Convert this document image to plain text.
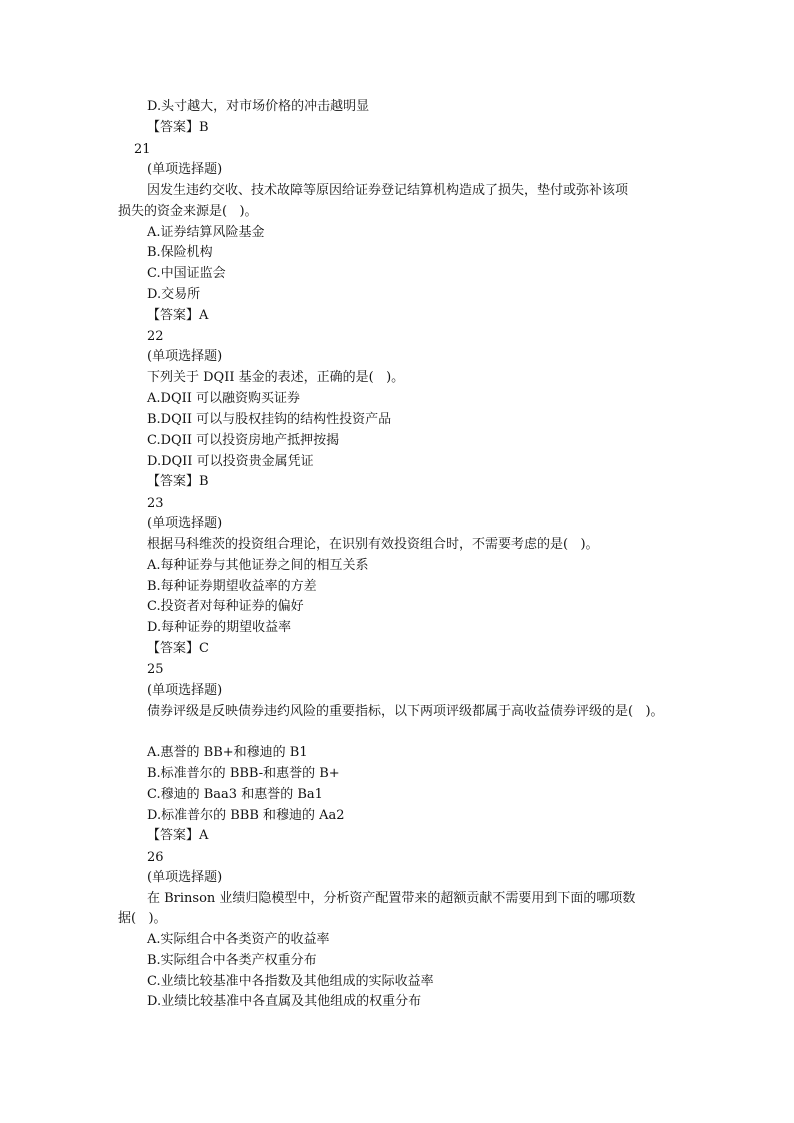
D.头寸越大，对市场价格的冲击越明显
【答案】B
21
(单项选择题)
因发生违约交收、技术故障等原因给证券登记结算机构造成了损失，垫付或弥补该项
损失的资金来源是(   )。
A.证券结算风险基金
B.保险机构
C.中国证监会
D.交易所
【答案】A
22
(单项选择题)
下列关于 DQII 基金的表述，正确的是(   )。
A.DQII 可以融资购买证券
B.DQII 可以与股权挂钩的结构性投资产品
C.DQII 可以投资房地产抵押按揭
D.DQII 可以投资贵金属凭证
【答案】B
23
(单项选择题)
根据马科维茨的投资组合理论，在识别有效投资组合时，不需要考虑的是(   )。
A.每种证券与其他证券之间的相互关系
B.每种证券期望收益率的方差
C.投资者对每种证券的偏好
D.每种证券的期望收益率
【答案】C
25
(单项选择题)
债券评级是反映债券违约风险的重要指标，以下两项评级都属于高收益债券评级的是(   )。
A.惠誉的 BB+和穆迪的 B1
B.标准普尔的 BBB-和惠誉的 B+
C.穆迪的 Baa3 和惠誉的 Ba1
D.标准普尔的 BBB 和穆迪的 Aa2
【答案】A
26
(单项选择题)
在 Brinson 业绩归隐模型中，分析资产配置带来的超额贡献不需要用到下面的哪项数
据(   )。
A.实际组合中各类资产的收益率
B.实际组合中各类产权重分布
C.业绩比较基准中各指数及其他组成的实际收益率
D.业绩比较基准中各直属及其他组成的权重分布
